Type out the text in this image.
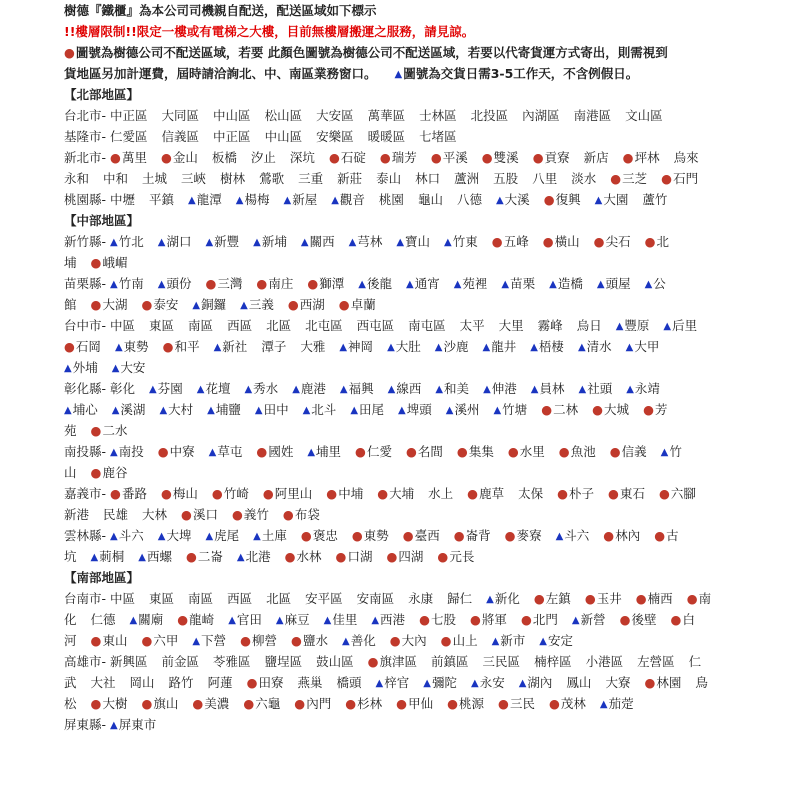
樹德『鐵櫃』為本公司司機親自配送，配送區域如下標示
!!樓層限制!!限定一樓或有電梯之大樓，目前無樓層搬運之服務，請見諒。
●圖號為樹德公司不配送區域，若要 此顏色圖號為樹德公司不配送區域，若要以代寄貨運方式寄出，則需視到
貨地區另加計運費，屆時請洽詢北、中、南區業務窗口。 ▲圖號為交貨日需3-5工作天，不含例假日。
【北部地區】
台北市- 中正區 大同區 中山區 松山區 大安區 萬華區 士林區 北投區 內湖區 南港區 文山區
基隆市- 仁愛區 信義區 中正區 中山區 安樂區 暖暖區 七堵區
新北市- ●萬里 ●金山 板橋 汐止 深坑 ●石碇 ●瑞芳 ●平溪 ●雙溪 ●貢寮 新店 ●坪林 烏來
永和 中和 土城 三峽 樹林 鶯歌 三重 新莊 泰山 林口 蘆洲 五股 八里 淡水 ●三芝 ●石門
桃園縣- 中壢 平鎮 ▲龍潭 ▲楊梅 ▲新屋 ▲觀音 桃園 龜山 八德 ▲大溪 ●復興 ▲大園 蘆竹
【中部地區】
新竹縣- ▲竹北 ▲湖口 ▲新豐 ▲新埔 ▲關西 ▲芎林 ▲寶山 ▲竹東 ●五峰 ●橫山 ●尖石 ●北
埔 ●峨嵋
苗栗縣- ▲竹南 ▲頭份 ●三灣 ●南庄 ●獅潭 ▲後龍 ▲通宵 ▲苑裡 ▲苗栗 ▲造橋 ▲頭屋 ▲公
館 ●大湖 ●泰安 ▲銅鑼 ▲三義 ●西湖 ●卓蘭
台中市- 中區 東區 南區 西區 北區 北屯區 西屯區 南屯區 太平 大里 霧峰 烏日 ▲豐原 ▲后里
●石岡 ▲東勢 ●和平 ▲新社 潭子 大雅 ▲神岡 ▲大肚 ▲沙鹿 ▲龍井 ▲梧棲 ▲清水 ▲大甲
▲外埔 ▲大安
彰化縣- 彰化 ▲芬園 ▲花壇 ▲秀水 ▲鹿港 ▲福興 ▲線西 ▲和美 ▲伸港 ▲員林 ▲社頭 ▲永靖
▲埔心 ▲溪湖 ▲大村 ▲埔鹽 ▲田中 ▲北斗 ▲田尾 ▲埤頭 ▲溪州 ▲竹塘 ●二林 ●大城 ●芳
苑 ●二水
南投縣- ▲南投 ●中寮 ▲草屯 ●國姓 ▲埔里 ●仁愛 ●名間 ●集集 ●水里 ●魚池 ●信義 ▲竹
山 ●鹿谷
嘉義市- ●番路 ●梅山 ●竹崎 ●阿里山 ●中埔 ●大埔 水上 ●鹿草 太保 ●朴子 ●東石 ●六腳
新港 民雄 大林 ●溪口 ●義竹 ●布袋
雲林縣- ▲斗六 ▲大埤 ▲虎尾 ▲土庫 ●褒忠 ●東勢 ●臺西 ●崙背 ●麥寮 ▲斗六 ●林內 ●古
坑 ▲莿桐 ▲西螺 ●二崙 ▲北港 ●水林 ●口湖 ●四湖 ●元長
【南部地區】
台南市- 中區 東區 南區 西區 北區 安平區 安南區 永康 歸仁 ▲新化 ●左鎮 ●玉井 ●楠西 ●南
化 仁德 ▲關廟 ●龍崎 ▲官田 ▲麻豆 ▲佳里 ▲西港 ●七股 ●將軍 ●北門 ▲新營 ●後壁 ●白
河 ●東山 ●六甲 ▲下營 ●柳營 ●鹽水 ▲善化 ●大內 ●山上 ▲新市 ▲安定
高雄市- 新興區 前金區 苓雅區 鹽埕區 鼓山區 ●旗津區 前鎮區 三民區 楠梓區 小港區 左營區 仁
武 大社 岡山 路竹 阿蓮 ●田寮 燕巢 橋頭 ▲梓官 ▲彌陀 ▲永安 ▲湖內 鳳山 大寮 ●林園 鳥
松 ●大樹 ●旗山 ●美濃 ●六龜 ●內門 ●杉林 ●甲仙 ●桃源 ●三民 ●茂林 ▲茄萣
屏東縣- ▲屏東市
